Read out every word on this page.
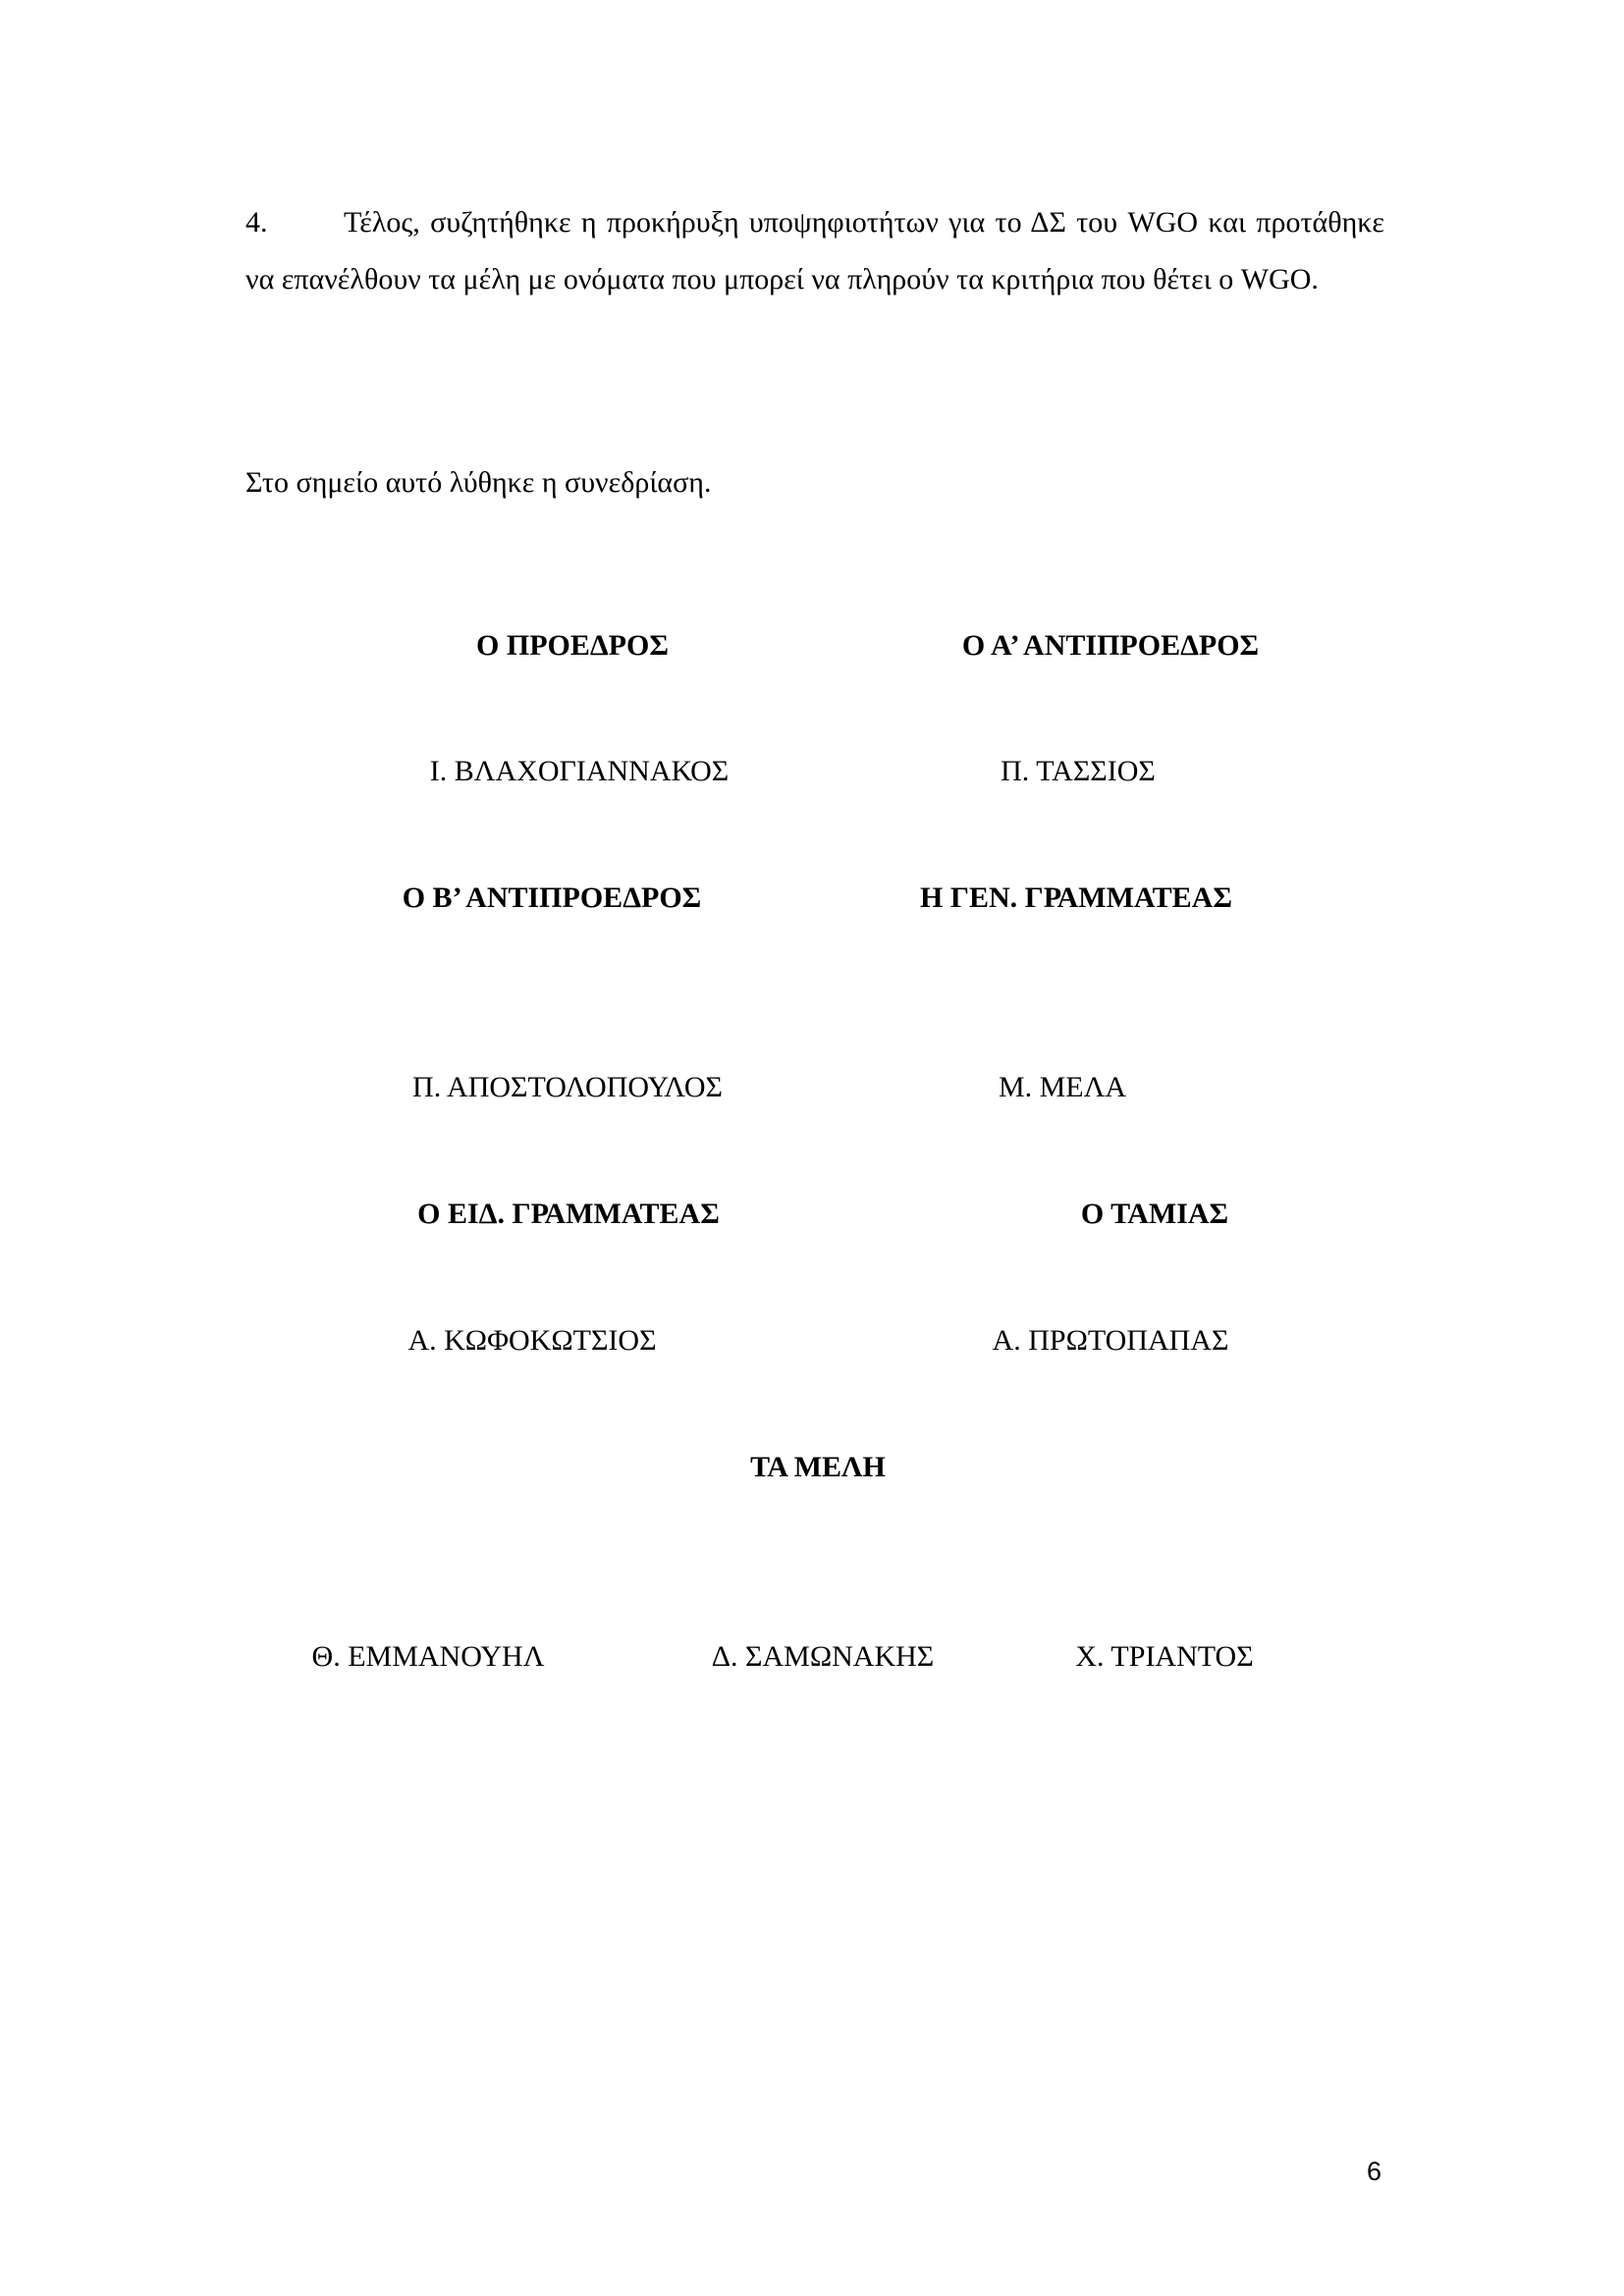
4.	Τέλος, συζητήθηκε η προκήρυξη υποψηφιοτήτων για το ΔΣ του WGO και προτάθηκε να επανέλθουν τα μέλη με ονόματα που μπορεί να πληρούν τα κριτήρια που θέτει ο WGO.
Στο σημείο αυτό λύθηκε η συνεδρίαση.
Ο ΠΡΟΕΔΡΟΣ	Ο Α’ ΑΝΤΙΠΡΟΕΔΡΟΣ
Ι. ΒΛΑΧΟΓΙΑΝΝΑΚΟΣ	Π. ΤΑΣΣΙΟΣ
Ο Β’ ΑΝΤΙΠΡΟΕΔΡΟΣ	Η ΓΕΝ. ΓΡΑΜΜΑΤΕΑΣ
Π. ΑΠΟΣΤΟΛΟΠΟΥΛΟΣ	Μ. ΜΕΛΑ
Ο ΕΙΔ. ΓΡΑΜΜΑΤΕΑΣ	Ο ΤΑΜΙΑΣ
Α. ΚΩΦΟΚΩΤΣΙΟΣ	Α. ΠΡΩΤΟΠΑΠΑΣ
ΤΑ ΜΕΛΗ
Θ. ΕΜΜΑΝΟΥΗΛ	Δ. ΣΑΜΩΝΑΚΗΣ	Χ. ΤΡΙΑΝΤΟΣ
6
